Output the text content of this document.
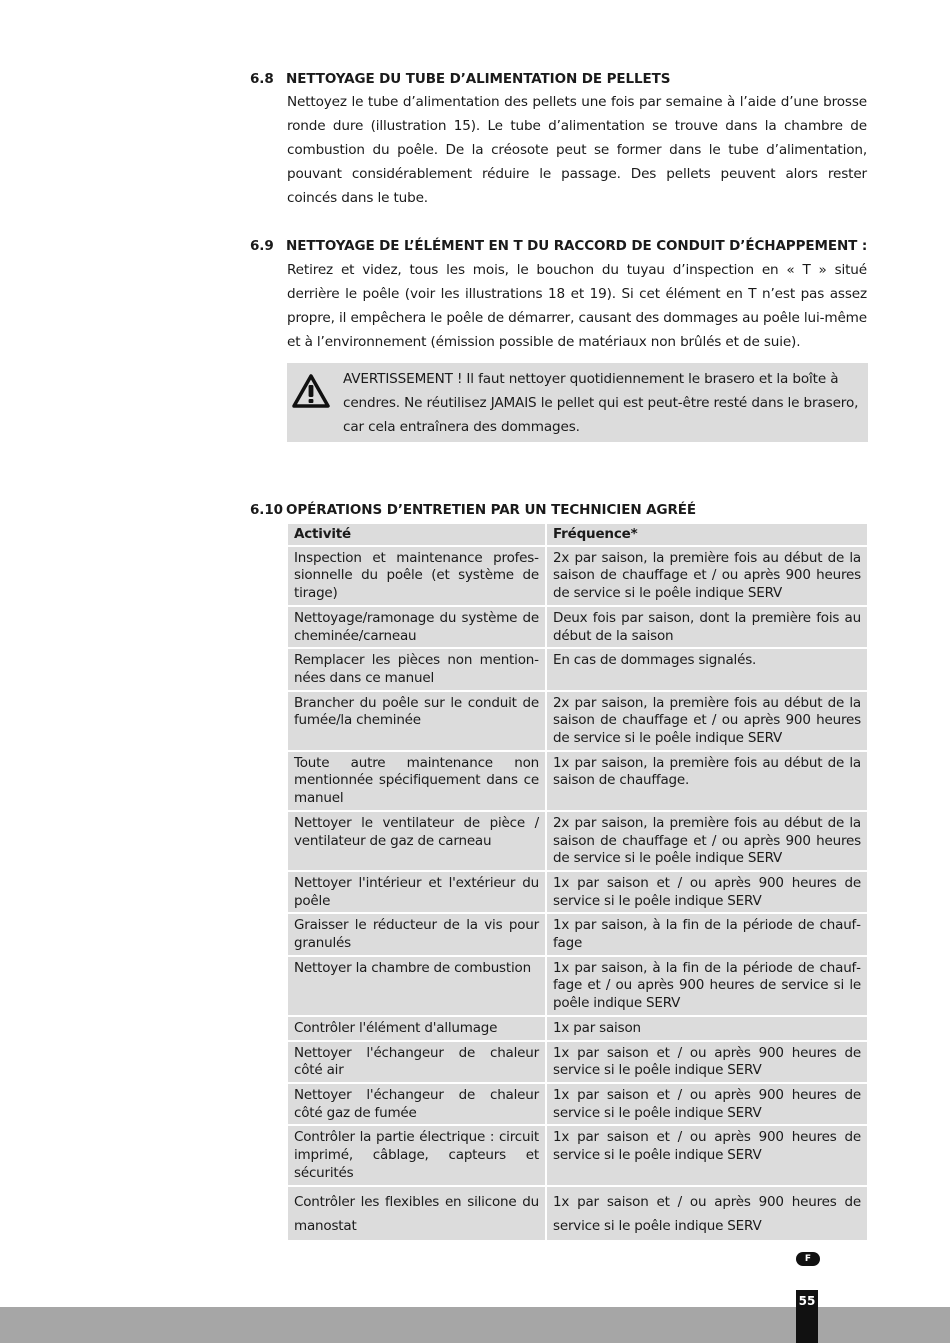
6.8 NETTOYAGE DU TUBE D’ALIMENTATION DE PELLETS
Nettoyez le tube d’alimentation des pellets une fois par semaine à l’aide d’une brosse ronde dure (illustration 15). Le tube d’alimentation se trouve dans la chambre de combustion du poêle. De la créosote peut se former dans le tube d’alimentation, pouvant considérablement réduire le passage. Des pellets peuvent alors rester coincés dans le tube.
6.9 NETTOYAGE DE L’ÉLÉMENT EN T DU RACCORD DE CONDUIT D’ÉCHAPPEMENT :
Retirez et videz, tous les mois, le bouchon du tuyau d’inspection en « T » situé derrière le poêle (voir les illustrations 18 et 19). Si cet élément en T n’est pas assez propre, il empêchera le poêle de démarrer, causant des dommages au poêle lui-même et à l’environnement (émission possible de matériaux non brûlés et de suie).
AVERTISSEMENT ! Il faut nettoyer quotidiennement le brasero et la boîte à cendres. Ne réutilisez JAMAIS le pellet qui est peut-être resté dans le brasero, car cela entraînera des dommages.
6.10 OPÉRATIONS D’ENTRETIEN PAR UN TECHNICIEN AGRÉÉ
Activité	Fréquence*
Inspection et maintenance professionnelle du poêle (et système de tirage)	2x par saison, la première fois au début de la saison de chauffage et / ou après 900 heures de service si le poêle indique SERV
Nettoyage/ramonage du système de cheminée/carneau	Deux fois par saison, dont la première fois au début de la saison
Remplacer les pièces non mentionnées dans ce manuel	En cas de dommages signalés.
Brancher du poêle sur le conduit de fumée/la cheminée	2x par saison, la première fois au début de la saison de chauffage et / ou après 900 heures de service si le poêle indique SERV
Toute autre maintenance non mentionnée spécifiquement dans ce manuel	1x par saison, la première fois au début de la saison de chauffage.
Nettoyer le ventilateur de pièce / ventilateur de gaz de carneau	2x par saison, la première fois au début de la saison de chauffage et / ou après 900 heures de service si le poêle indique SERV
Nettoyer l'intérieur et l'extérieur du poêle	1x par saison et / ou après 900 heures de service si le poêle indique SERV
Graisser le réducteur de la vis pour granulés	1x par saison, à la fin de la période de chauffage
Nettoyer la chambre de combustion	1x par saison, à la fin de la période de chauffage et / ou après 900 heures de service si le poêle indique SERV
Contrôler l'élément d'allumage	1x par saison
Nettoyer l'échangeur de chaleur côté air	1x par saison et / ou après 900 heures de service si le poêle indique SERV
Nettoyer l'échangeur de chaleur côté gaz de fumée	1x par saison et / ou après 900 heures de service si le poêle indique SERV
Contrôler la partie électrique : circuit imprimé, câblage, capteurs et sécurités	1x par saison et / ou après 900 heures de service si le poêle indique SERV
Contrôler les flexibles en silicone du manostat	1x par saison et / ou après 900 heures de service si le poêle indique SERV
F
55
